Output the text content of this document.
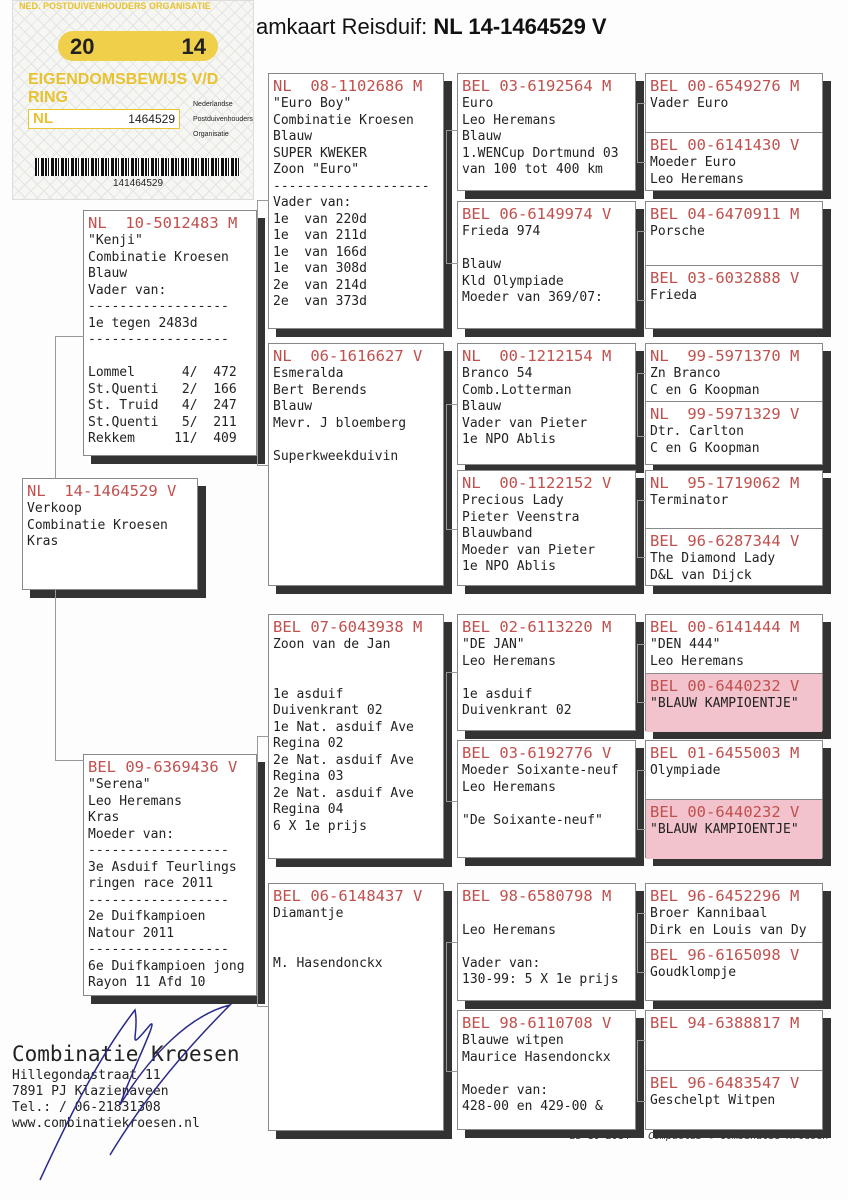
amkaart Reisduif: NL 14-1464529 V
NED. POSTDUIVENHOUDERS ORGANISATIE
20	14
EIGENDOMSBEWIJS V/D RING
NL	1464529
Nederlandse
Postduivenhouders
Organisatie
141464529
NL  14-1464529 V
Verkoop
Combinatie Kroesen
Kras
NL  10-5012483 M
"Kenji"
Combinatie Kroesen
Blauw
Vader van:
------------------
1e tegen 2483d
------------------
Lommel      4/  472
St.Quenti   2/  166
St. Truid   4/  247
St.Quenti   5/  211
Rekkem     11/  409
BEL 09-6369436 V
"Serena"
Leo Heremans
Kras
Moeder van:
------------------
3e Asduif Teurlings
ringen race 2011
------------------
2e Duifkampioen
Natour 2011
------------------
6e Duifkampioen jong
Rayon 11 Afd 10
NL  08-1102686 M
"Euro Boy"
Combinatie Kroesen
Blauw
SUPER KWEKER
Zoon "Euro"
--------------------
Vader van:
1e  van 220d
1e  van 211d
1e  van 166d
1e  van 308d
2e  van 214d
2e  van 373d
NL  06-1616627 V
Esmeralda
Bert Berends
Blauw
Mevr. J bloemberg
Superkweekduivin
BEL 07-6043938 M
Zoon van de Jan
1e asduif
Duivenkrant 02
1e Nat. asduif Ave
Regina 02
2e Nat. asduif Ave
Regina 03
2e Nat. asduif Ave
Regina 04
6 X 1e prijs
BEL 06-6148437 V
Diamantje
M. Hasendonckx
BEL 03-6192564 M
Euro
Leo Heremans
Blauw
1.WENCup Dortmund 03
van 100 tot 400 km
BEL 06-6149974 V
Frieda 974
Blauw
Kld Olympiade
Moeder van 369/07:
NL  00-1212154 M
Branco 54
Comb.Lotterman
Blauw
Vader van Pieter
1e NPO Ablis
NL  00-1122152 V
Precious Lady
Pieter Veenstra
Blauwband
Moeder van Pieter
1e NPO Ablis
BEL 02-6113220 M
"DE JAN"
Leo Heremans
1e asduif
Duivenkrant 02
BEL 03-6192776 V
Moeder Soixante-neuf
Leo Heremans
"De Soixante-neuf"
BEL 98-6580798 M
Leo Heremans
Vader van:
130-99: 5 X 1e prijs
BEL 98-6110708 V
Blauwe witpen
Maurice Hasendonckx
Moeder van:
428-00 en 429-00 &
BEL 00-6549276 M
Vader Euro
BEL 00-6141430 V
Moeder Euro
Leo Heremans
BEL 04-6470911 M
Porsche
BEL 03-6032888 V
Frieda
NL  99-5971370 M
Zn Branco
C en G Koopman
NL  99-5971329 V
Dtr. Carlton
C en G Koopman
NL  95-1719062 M
Terminator
BEL 96-6287344 V
The Diamond Lady
D&L van Dijck
BEL 00-6141444 M
"DEN 444"
Leo Heremans
BEL 00-6440232 V
"BLAUW KAMPIOENTJE"
BEL 01-6455003 M
Olympiade
BEL 00-6440232 V
"BLAUW KAMPIOENTJE"
BEL 96-6452296 M
Broer Kannibaal
Dirk en Louis van Dy
BEL 96-6165098 V
Goudklompje
BEL 94-6388817 M
BEL 96-6483547 V
Geschelpt Witpen
Combinatie Kroesen
Hillegondastraat 11
7891 PJ Klazienaveen
Tel.: / 06-21831308
www.combinatiekroesen.nl
25-10-2014 Compuclub © Combinatie Kroesen
